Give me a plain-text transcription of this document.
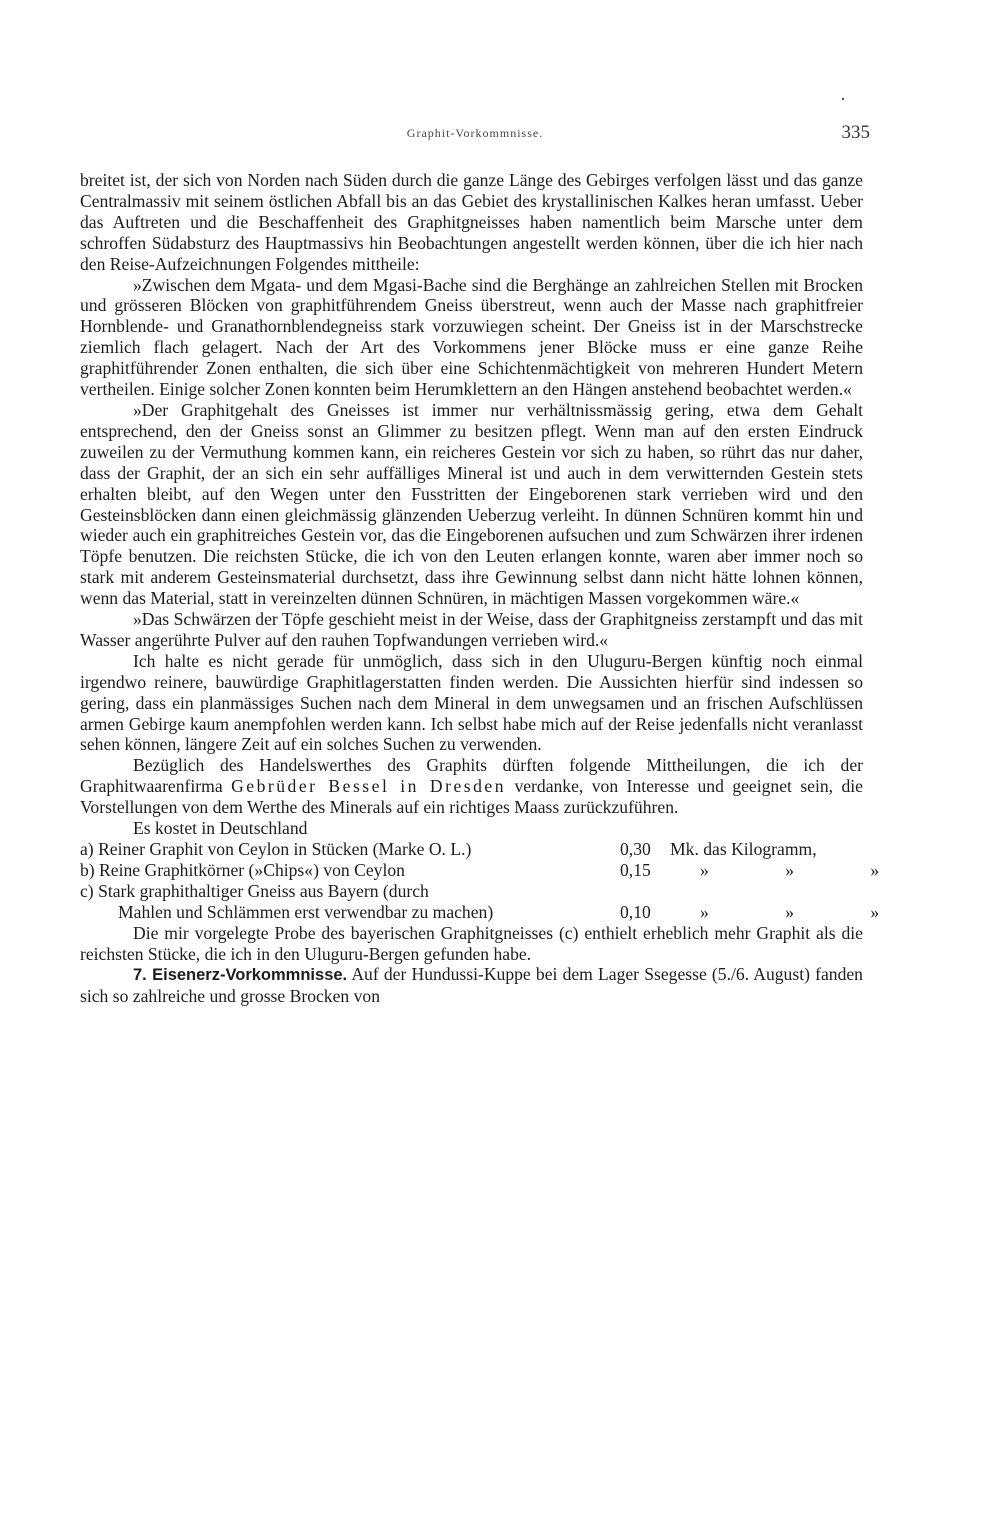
Graphit-Vorkommnisse.	335

breitet ist, der sich von Norden nach Süden durch die ganze Länge des Gebirges verfolgen lässt und das ganze Centralmassiv mit seinem östlichen Abfall bis an das Gebiet des krystallinischen Kalkes heran umfasst. Ueber das Auftreten und die Beschaffenheit des Graphitgneisses haben namentlich beim Marsche unter dem schroffen Südabsturz des Hauptmassivs hin Beobachtungen angestellt werden können, über die ich hier nach den Reise-Aufzeichnungen Folgendes mittheile:

»Zwischen dem Mgata- und dem Mgasi-Bache sind die Berghänge an zahlreichen Stellen mit Brocken und grösseren Blöcken von graphitführendem Gneiss überstreut, wenn auch der Masse nach graphitfreier Hornblende- und Granathornblendegneiss stark vorzuwiegen scheint. Der Gneiss ist in der Marschstrecke ziemlich flach gelagert. Nach der Art des Vorkommens jener Blöcke muss er eine ganze Reihe graphitführender Zonen enthalten, die sich über eine Schichtenmächtigkeit von mehreren Hundert Metern vertheilen. Einige solcher Zonen konnten beim Herumklettern an den Hängen anstehend beobachtet werden.«

»Der Graphitgehalt des Gneisses ist immer nur verhältnissmässig gering, etwa dem Gehalt entsprechend, den der Gneiss sonst an Glimmer zu besitzen pflegt. Wenn man auf den ersten Eindruck zuweilen zu der Vermuthung kommen kann, ein reicheres Gestein vor sich zu haben, so rührt das nur daher, dass der Graphit, der an sich ein sehr auffälliges Mineral ist und auch in dem verwitternden Gestein stets erhalten bleibt, auf den Wegen unter den Fusstritten der Eingeborenen stark verrieben wird und den Gesteinsblöcken dann einen gleichmässig glänzenden Ueberzug verleiht. In dünnen Schnüren kommt hin und wieder auch ein graphitreiches Gestein vor, das die Eingeborenen aufsuchen und zum Schwärzen ihrer irdenen Töpfe benutzen. Die reichsten Stücke, die ich von den Leuten erlangen konnte, waren aber immer noch so stark mit anderem Gesteinsmaterial durchsetzt, dass ihre Gewinnung selbst dann nicht hätte lohnen können, wenn das Material, statt in vereinzelten dünnen Schnüren, in mächtigen Massen vorgekommen wäre.«

»Das Schwärzen der Töpfe geschieht meist in der Weise, dass der Graphitgneiss zerstampft und das mit Wasser angerührte Pulver auf den rauhen Topfwandungen verrieben wird.«

Ich halte es nicht gerade für unmöglich, dass sich in den Uluguru-Bergen künftig noch einmal irgendwo reinere, bauwürdige Graphitlagerstatten finden werden. Die Aussichten hierfür sind indessen so gering, dass ein planmässiges Suchen nach dem Mineral in dem unwegsamen und an frischen Aufschlüssen armen Gebirge kaum anempfohlen werden kann. Ich selbst habe mich auf der Reise jedenfalls nicht veranlasst sehen können, längere Zeit auf ein solches Suchen zu verwenden.

Bezüglich des Handelswerthes des Graphits dürften folgende Mittheilungen, die ich der Graphitwaarenfirma Gebrüder Bessel in Dresden verdanke, von Interesse und geeignet sein, die Vorstellungen von dem Werthe des Minerals auf ein richtiges Maass zurückzuführen.

Es kostet in Deutschland

a) Reiner Graphit von Ceylon in Stücken (Marke O. L.)	0,30	Mk. das Kilogramm,
b) Reine Graphitkörner (»Chips«) von Ceylon	0,15	» » »
c) Stark graphithaltiger Gneiss aus Bayern (durch
Mahlen und Schlämmen erst verwendbar zu machen)	0,10	» » »

Die mir vorgelegte Probe des bayerischen Graphitgneisses (c) enthielt erheblich mehr Graphit als die reichsten Stücke, die ich in den Uluguru-Bergen gefunden habe.

7. Eisenerz-Vorkommnisse. Auf der Hundussi-Kuppe bei dem Lager Ssegesse (5./6. August) fanden sich so zahlreiche und grosse Brocken von
